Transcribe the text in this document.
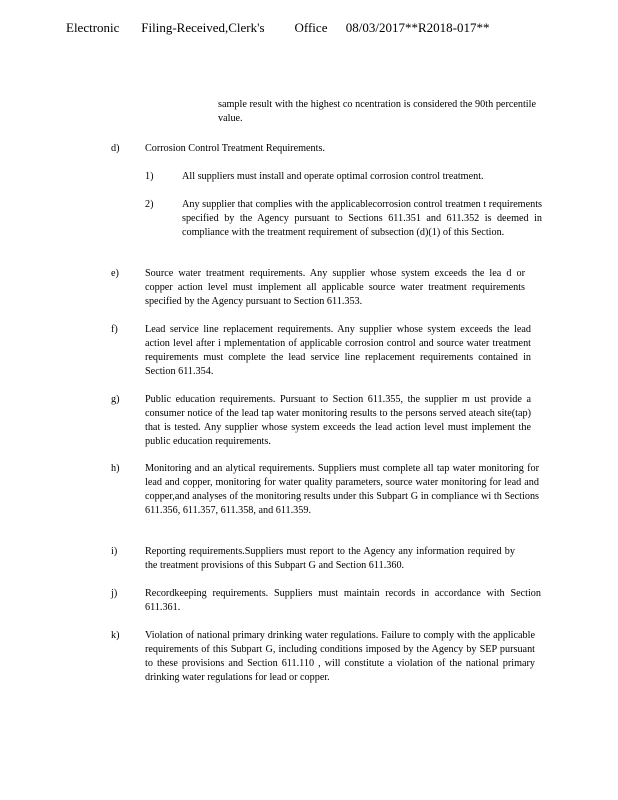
Electronic Filing-Received,Clerk's Office 08/03/2017**R2018-017**
sample result with the highest co ncentration is considered the 90th percentile value.
d)	Corrosion Control Treatment Requirements.
1)	All suppliers must install and operate optimal corrosion control treatment.
2)	Any supplier that complies with the applicablecorrosion control treatmen t requirements specified by the Agency pursuant to Sections 611.351 and 611.352 is deemed in compliance with the treatment requirement of subsection (d)(1) of this Section.
e)	Source water treatment requirements. Any supplier whose system exceeds the lea d or copper action level must implement all applicable source water treatment requirements specified by the Agency pursuant to Section 611.353.
f)	Lead service line replacement requirements. Any supplier whose system exceeds the lead action level after i mplementation of applicable corrosion control and source water treatment requirements must complete the lead service line replacement requirements contained in Section 611.354.
g)	Public education requirements. Pursuant to Section 611.355, the supplier m ust provide a consumer notice of the lead tap water monitoring results to the persons served ateach site(tap) that is tested. Any supplier whose system exceeds the lead action level must implement the public education requirements.
h)	Monitoring and an alytical requirements. Suppliers must complete all tap water monitoring for lead and copper, monitoring for water quality parameters, source water monitoring for lead and copper,and analyses of the monitoring results under this Subpart G in compliance wi th Sections 611.356, 611.357, 611.358, and 611.359.
i)	Reporting requirements.Suppliers must report to the Agency any information required by the treatment provisions of this Subpart G and Section 611.360.
j)	Recordkeeping requirements. Suppliers must maintain records in accordance with Section 611.361.
k)	Violation of national primary drinking water regulations. Failure to comply with the applicable requirements of this Subpart G, including conditions imposed by the Agency by SEP pursuant to these provisions and Section 611.110 , will constitute a violation of the national primary drinking water regulations for lead or copper.
